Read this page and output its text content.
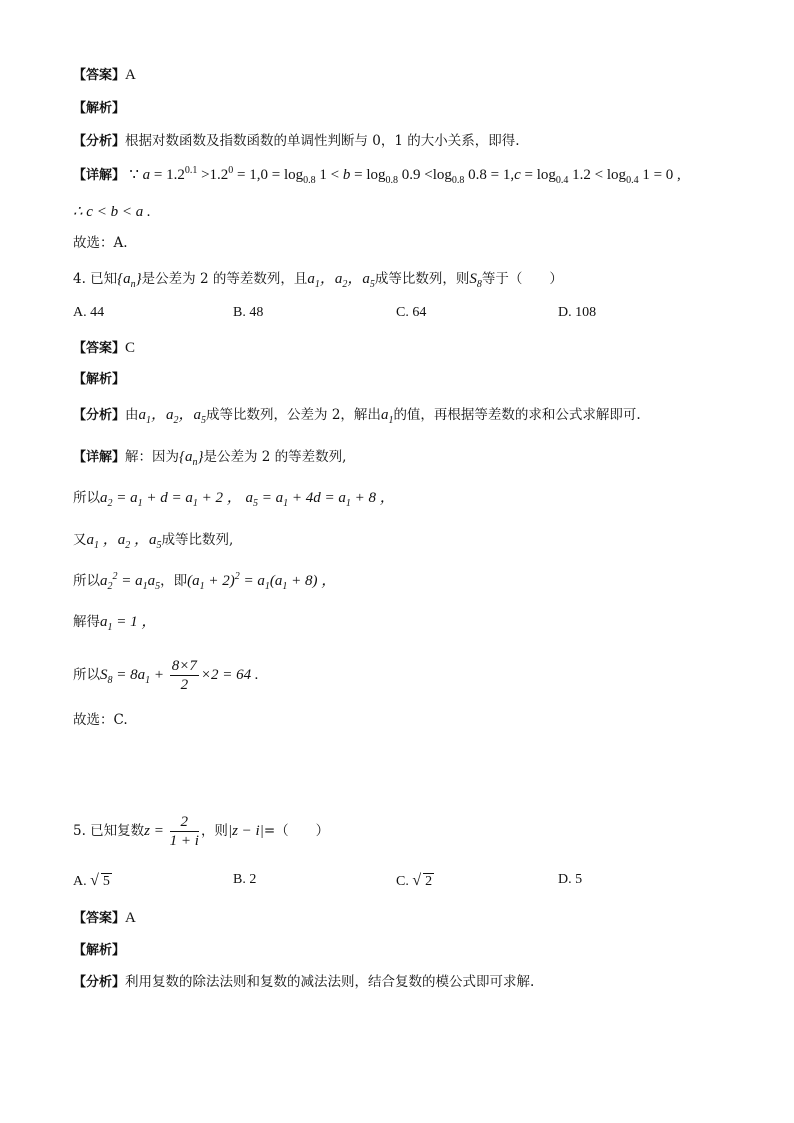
【答案】A
【解析】
【分析】根据对数函数及指数函数的单调性判断与 0，1 的大小关系，即得.
【详解】 ∵ $a = 1.2^{0.1} >1.2^0 = 1,0 = \log_{0.8} 1 < b = \log_{0.8} 0.9 <\log_{0.8}$ $0.8 = 1,c = \log_{0.4} 1.2 < \log_{0.4} 1 = 0$ ,
∴ c < b < a .
故选：A.
4. 已知$\{a_n\}$是公差为 2 的等差数列，且$a_1$，$a_2$，$a_5$成等比数列，则$S_8$等于（　　）
A. 44	B. 48	C. 64	D. 108
【答案】C
【解析】
【分析】由$a_1$，$a_2$，$a_5$成等比数列，公差为 2，解出$a_1$的值，再根据等差数的求和公式求解即可.
【详解】解：因为$\{a_n\}$是公差为 2 的等差数列,
所以$a_2 = a_1 + d = a_1 + 2$ ， $a_5 = a_1 + 4d = a_1 + 8$ ，
又$a_1$ ，$a_2$ ，$a_5$成等比数列,
所以$a_2^2 = a_1a_5$，即$(a_1 + 2)^2 = a_1(a_1 + 8)$ ，
解得$a_1 = 1$ ，
所以$S_8 = 8a_1 + \frac{8\times 7}{2} \times 2 = 64$ .
故选：C.
5. 已知复数$z = \frac{2}{1 + i}$ ，则|z − i|=（　　）
A. √ 5	B. 2	C. √ 2	D. 5
【答案】A
【解析】
【分析】利用复数的除法法则和复数的减法法则，结合复数的模公式即可求解.
